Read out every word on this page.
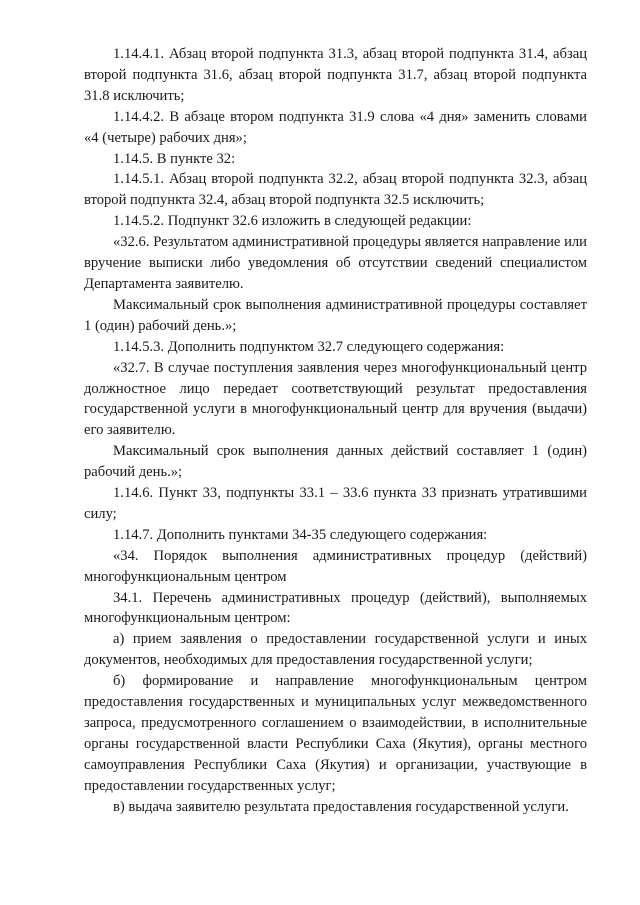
1.14.4.1. Абзац второй подпункта 31.3, абзац второй подпункта 31.4, абзац второй подпункта 31.6, абзац второй подпункта 31.7, абзац второй подпункта 31.8 исключить;

1.14.4.2. В абзаце втором подпункта 31.9 слова «4 дня» заменить словами «4 (четыре) рабочих дня»;

1.14.5. В пункте 32:

1.14.5.1. Абзац второй подпункта 32.2, абзац второй подпункта 32.3, абзац второй подпункта 32.4, абзац второй подпункта 32.5 исключить;

1.14.5.2. Подпункт 32.6 изложить в следующей редакции:

«32.6. Результатом административной процедуры является направление или вручение выписки либо уведомления об отсутствии сведений специалистом Департамента заявителю.

Максимальный срок выполнения административной процедуры составляет 1 (один) рабочий день.»;

1.14.5.3. Дополнить подпунктом 32.7 следующего содержания:

«32.7. В случае поступления заявления через многофункциональный центр должностное лицо передает соответствующий результат предоставления государственной услуги в многофункциональный центр для вручения (выдачи) его заявителю.

Максимальный срок выполнения данных действий составляет 1 (один) рабочий день.»;

1.14.6. Пункт 33, подпункты 33.1 – 33.6 пункта 33 признать утратившими силу;

1.14.7. Дополнить пунктами 34-35 следующего содержания:

«34. Порядок выполнения административных процедур (действий) многофункциональным центром

34.1. Перечень административных процедур (действий), выполняемых многофункциональным центром:

а) прием заявления о предоставлении государственной услуги и иных документов, необходимых для предоставления государственной услуги;

б) формирование и направление многофункциональным центром предоставления государственных и муниципальных услуг межведомственного запроса, предусмотренного соглашением о взаимодействии, в исполнительные органы государственной власти Республики Саха (Якутия), органы местного самоуправления Республики Саха (Якутия) и организации, участвующие в предоставлении государственных услуг;

в) выдача заявителю результата предоставления государственной услуги.
